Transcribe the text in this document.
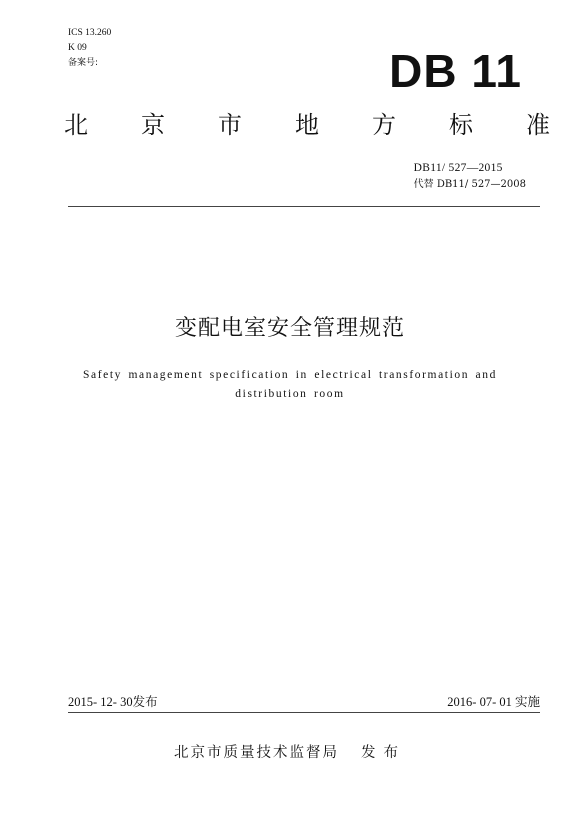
ICS 13.260
K 09
备案号:	DB 11
北 京 市 地 方 标 准
DB11/ 527—2015
代替 DB11/ 527—2008
变配电室安全管理规范
Safety management specification in electrical transformation and
distribution room
2015- 12- 30发布	2016- 07- 01 实施
北京市质量技术监督局 发布
